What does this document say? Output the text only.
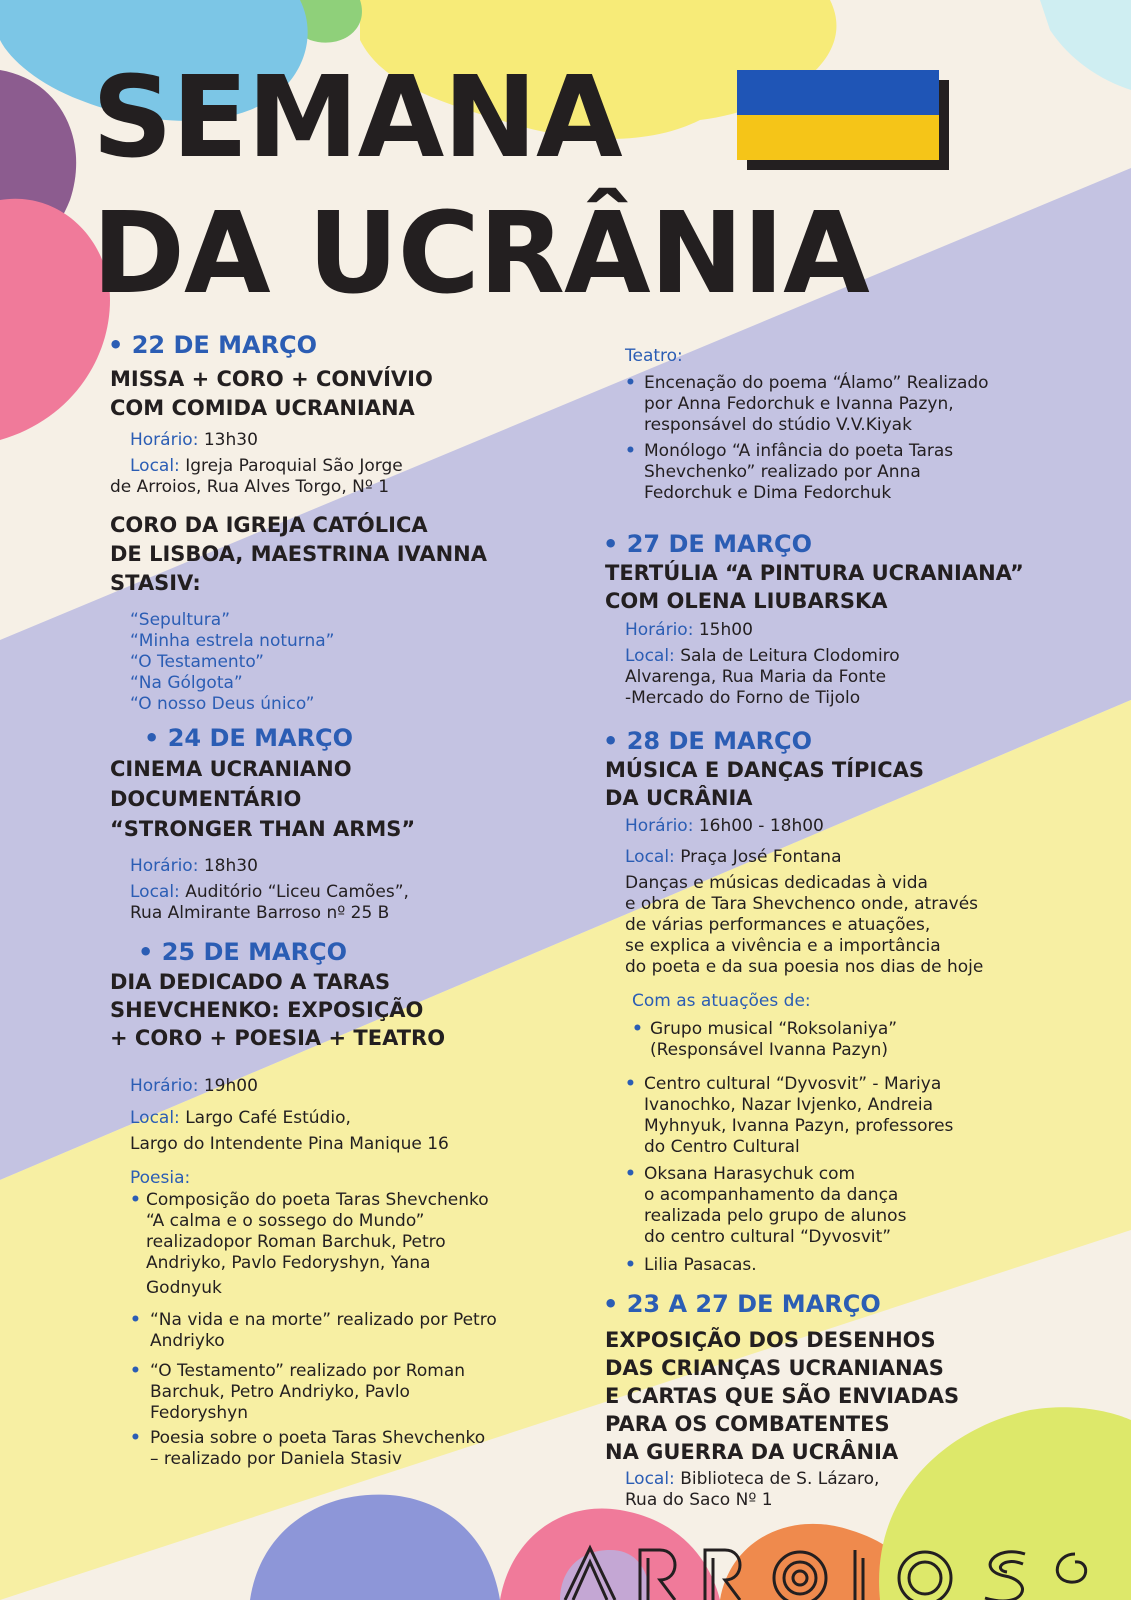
SEMANA
DA UCRÂNIA
• 22 DE MARÇO
MISSA + CORO + CONVÍVIO
COM COMIDA UCRANIANA
Horário: 13h30
Local: Igreja Paroquial São Jorge
de Arroios, Rua Alves Torgo, Nº 1
CORO DA IGREJA CATÓLICA
DE LISBOA, MAESTRINA IVANNA
STASIV:
“Sepultura”
“Minha estrela noturna”
“O Testamento”
“Na Gólgota”
“O nosso Deus único”
• 24 DE MARÇO
CINEMA UCRANIANO
DOCUMENTÁRIO
“STRONGER THAN ARMS”
Horário: 18h30
Local: Auditório “Liceu Camões”,
Rua Almirante Barroso nº 25 B
• 25 DE MARÇO
DIA DEDICADO A TARAS
SHEVCHENKO: EXPOSIÇÃO
+ CORO + POESIA + TEATRO
Horário: 19h00
Local: Largo Café Estúdio,
Largo do Intendente Pina Manique 16
Poesia:
• Composição do poeta Taras Shevchenko
“A calma e o sossego do Mundo”
realizadopor Roman Barchuk, Petro
Andriyko, Pavlo Fedoryshyn, Yana
Godnyuk
• “Na vida e na morte” realizado por Petro
Andriyko
• “O Testamento” realizado por Roman
Barchuk, Petro Andriyko, Pavlo
Fedoryshyn
• Poesia sobre o poeta Taras Shevchenko
– realizado por Daniela Stasiv
Teatro:
• Encenação do poema “Álamo” Realizado
por Anna Fedorchuk e Ivanna Pazyn,
responsável do stúdio V.V.Kiyak
• Monólogo “A infância do poeta Taras
Shevchenko” realizado por Anna
Fedorchuk e Dima Fedorchuk
• 27 DE MARÇO
TERTÚLIA “A PINTURA UCRANIANA”
COM OLENA LIUBARSKA
Horário: 15h00
Local: Sala de Leitura Clodomiro
Alvarenga, Rua Maria da Fonte
-Mercado do Forno de Tijolo
• 28 DE MARÇO
MÚSICA E DANÇAS TÍPICAS
DA UCRÂNIA
Horário: 16h00 - 18h00
Local: Praça José Fontana
Danças e músicas dedicadas à vida
e obra de Tara Shevchenco onde, através
de várias performances e atuações,
se explica a vivência e a importância
do poeta e da sua poesia nos dias de hoje
Com as atuações de:
• Grupo musical “Roksolaniya”
(Responsável Ivanna Pazyn)
• Centro cultural “Dyvosvit” - Mariya
Ivanochko, Nazar Ivjenko, Andreia
Myhnyuk, Ivanna Pazyn, professores
do Centro Cultural
• Oksana Harasychuk com
o acompanhamento da dança
realizada pelo grupo de alunos
do centro cultural “Dyvosvit”
• Lilia Pasacas.
• 23 A 27 DE MARÇO
EXPOSIÇÃO DOS DESENHOS
DAS CRIANÇAS UCRANIANAS
E CARTAS QUE SÃO ENVIADAS
PARA OS COMBATENTES
NA GUERRA DA UCRÂNIA
Local: Biblioteca de S. Lázaro,
Rua do Saco Nº 1
